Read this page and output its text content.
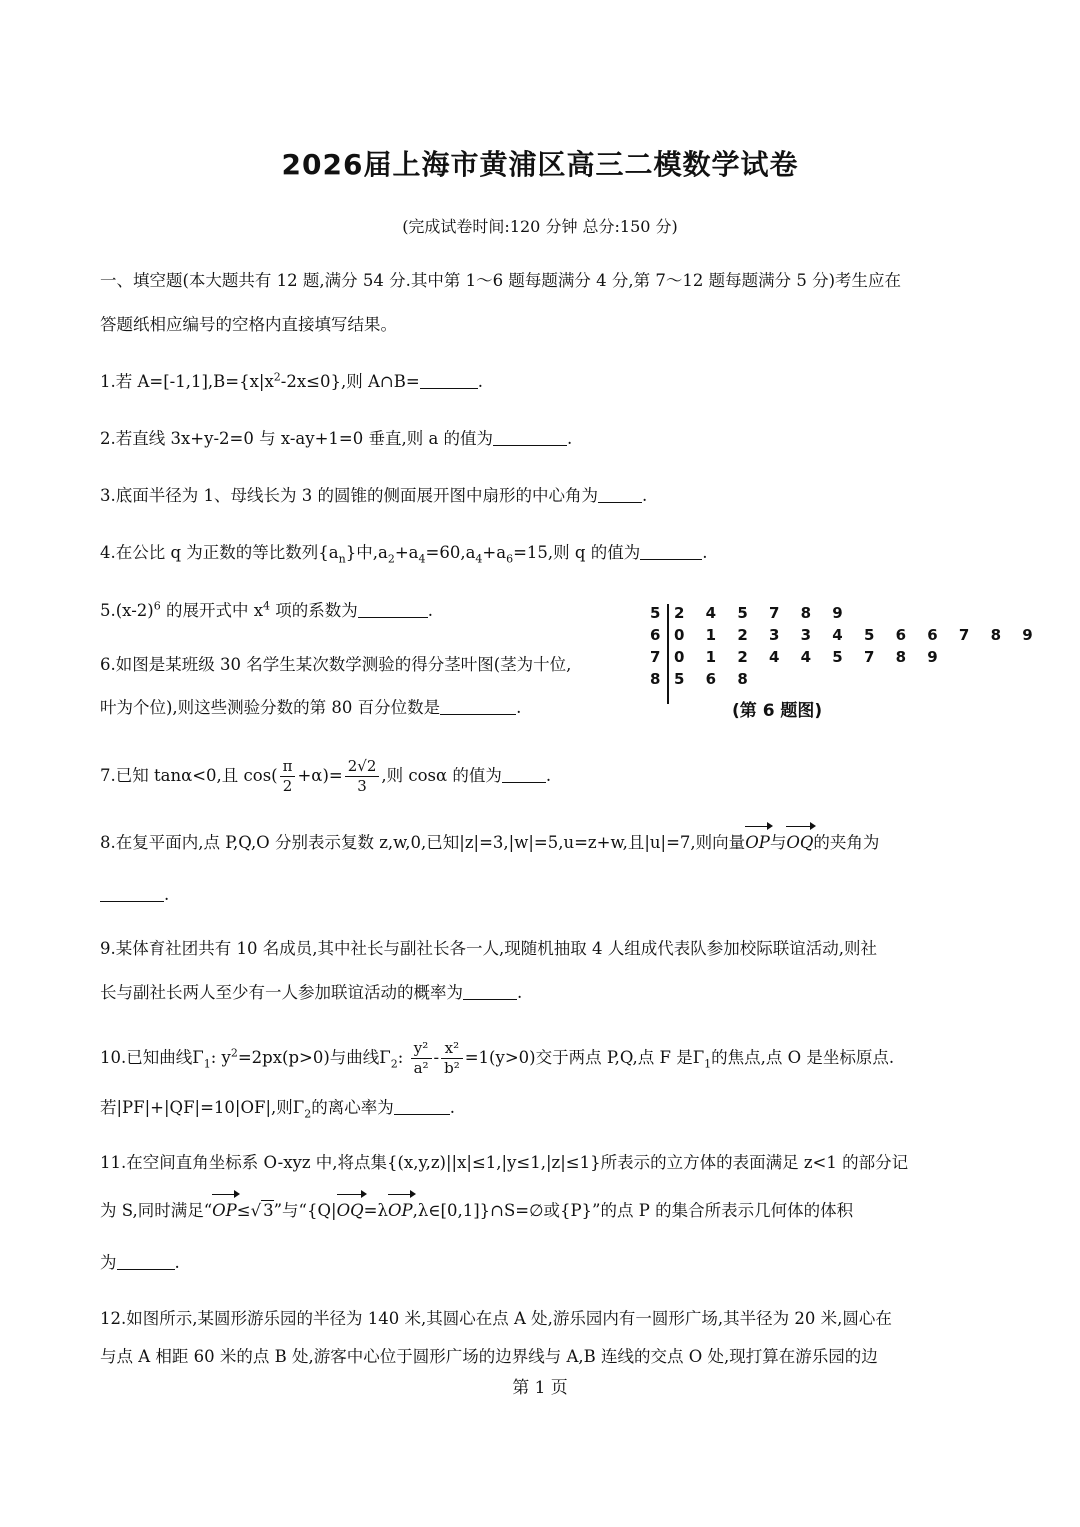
2026届上海市黄浦区高三二模数学试卷
(完成试卷时间:120 分钟 总分:150 分)
一、填空题(本大题共有 12 题,满分 54 分.其中第 1～6 题每题满分 4 分,第 7～12 题每题满分 5 分)考生应在
答题纸相应编号的空格内直接填写结果。
1.若 $A=[-1,1],B=\{x|x^2-2x\le 0\}$,则 A∩B=	.
2.若直线 3x+y-2=0 与 x-ay+1=0 垂直,则 a 的值为	.
3.底面半径为 1、母线长为 3 的圆锥的侧面展开图中扇形的中心角为	.
4.在公比 q 为正数的等比数列$\{a_n\}$中$,a_2+a_4=60,a_4+a_6=15$,则 q 的值为	.
$5.(x-2)^6$ 的展开式中 $x^4$ 项的系数为	.
6.如图是某班级 30 名学生某次数学测验的得分茎叶图(茎为十位,
叶为个位),则这些测验分数的第 80 百分位数是	.
5 2 4 5 7 8 9
6 0 1 2 3 3 4 5 6 6 7 8 9
7 0 1 2 4 4 5 7 8 9
8 5 6 8
(第 6 题图)
7.已知 tanα<0,且 $\cos( \frac{\pi}{2} +\alpha)= \frac{2√2}{3}$ ,则 cosα 的值为	.
8.在复平面内,点 P,Q,O 分别表示复数 z,w,0,已知|z|=3,|w|=5,u=z+w,且|u|=7,则向量OP与OQ的夹角为
.
9.某体育社团共有 10 名成员,其中社长与副社长各一人,现随机抽取 4 人组成代表队参加校际联谊活动,则社
长与副社长两人至少有一人参加联谊活动的概率为	.
10.已知曲线$\Gamma_1$: $y^2=2px(p>0)$与曲线$\Gamma_2$: $\frac{\text{y²}}{\text{a²}} - \frac{\text{x²}}{\text{b²}} =1(y>0)$交于两点 P,Q,点 F 是$\Gamma_1$的焦点,点 O 是坐标原点.
若|PF|+|QF|=10|OF|,则$\Gamma_2$的离心率为	.
11.在空间直角坐标系 O-xyz 中,将点集{(x,y,z)||x|≤1,|y≤1,|z|≤1}所表示的立方体的表面满足 z<1 的部分记
为 S,同时满足“OP≤√ 3”与“{Q|OQ=λOP,λ∈[0,1]}∩S=∅或{P}”的点 P 的集合所表示几何体的体积
为	.
12.如图所示,某圆形游乐园的半径为 140 米,其圆心在点 A 处,游乐园内有一圆形广场,其半径为 20 米,圆心在
与点 A 相距 60 米的点 B 处,游客中心位于圆形广场的边界线与 A,B 连线的交点 O 处,现打算在游乐园的边
第 1 页
